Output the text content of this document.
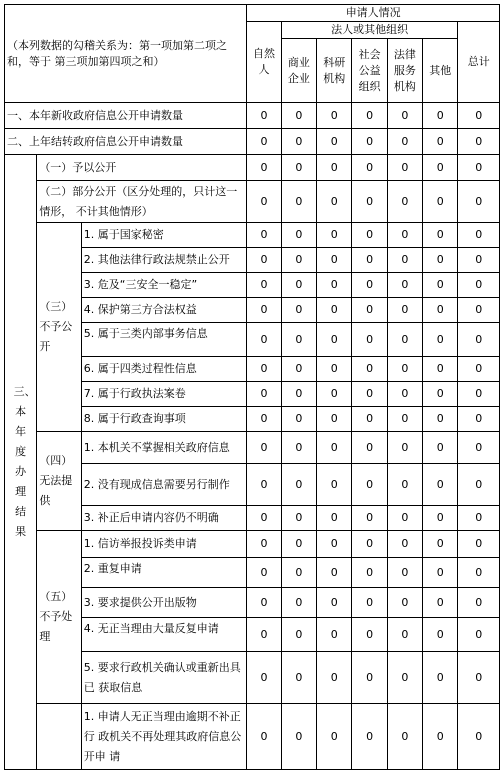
（本列数据的勾稽关系为：第一项加第二项之和，等于 第三项加第四项之和）			申请人情况						
			自然人	法人或其他组织					总计
				商业企业	科研机构	社会公益组织	法律服务机构	其他	
一、本年新收政府信息公开申请数量			0	0	0	0	0	0	0
二、上年结转政府信息公开申请数量			0	0	0	0	0	0	0

三、本年度办理结果	（一）予以公开		0	0	0	0	0	0	0
	（二）部分公开（区分处理的，只计这一情形， 不计其他情形）		0	0	0	0	0	0	0
	（三）不予公开	1. 属于国家秘密	0	0	0	0	0	0	0
		2. 其他法律行政法规禁止公开	0	0	0	0	0	0	0
		3. 危及“三安全一稳定”	0	0	0	0	0	0	0
		4. 保护第三方合法权益	0	0	0	0	0	0	0
		5. 属于三类内部事务信息	0	0	0	0	0	0	0
		6. 属于四类过程性信息	0	0	0	0	0	0	0
		7. 属于行政执法案卷	0	0	0	0	0	0	0
		8. 属于行政查询事项	0	0	0	0	0	0	0
	（四）无法提供	1. 本机关不掌握相关政府信息	0	0	0	0	0	0	0
		2. 没有现成信息需要另行制作	0	0	0	0	0	0	0
		3. 补正后申请内容仍不明确	0	0	0	0	0	0	0
	（五）不予处理	1. 信访举报投诉类申请	0	0	0	0	0	0	0
		2. 重复申请	0	0	0	0	0	0	0
		3. 要求提供公开出版物	0	0	0	0	0	0	0
		4. 无正当理由大量反复申请	0	0	0	0	0	0	0
		5. 要求行政机关确认或重新出具已 获取信息	0	0	0	0	0	0	0
		1. 申请人无正当理由逾期不补正行 政机关不再处理其政府信息公开申 请	0	0	0	0	0	0	0
